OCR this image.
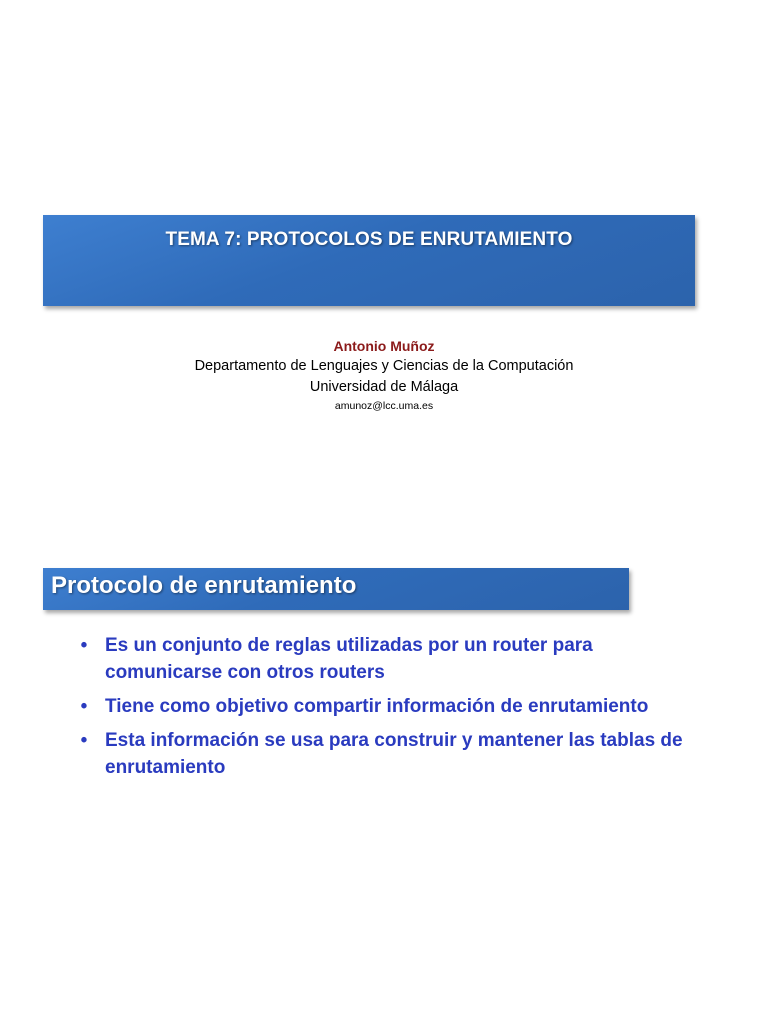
TEMA 7: PROTOCOLOS DE ENRUTAMIENTO
Antonio Muñoz
Departamento de Lenguajes y Ciencias de la Computación
Universidad de Málaga
amunoz@lcc.uma.es
Protocolo de enrutamiento
• Es un conjunto de reglas utilizadas por un router para comunicarse con otros routers
• Tiene como objetivo compartir información de enrutamiento
• Esta información se usa para construir y mantener las tablas de enrutamiento
